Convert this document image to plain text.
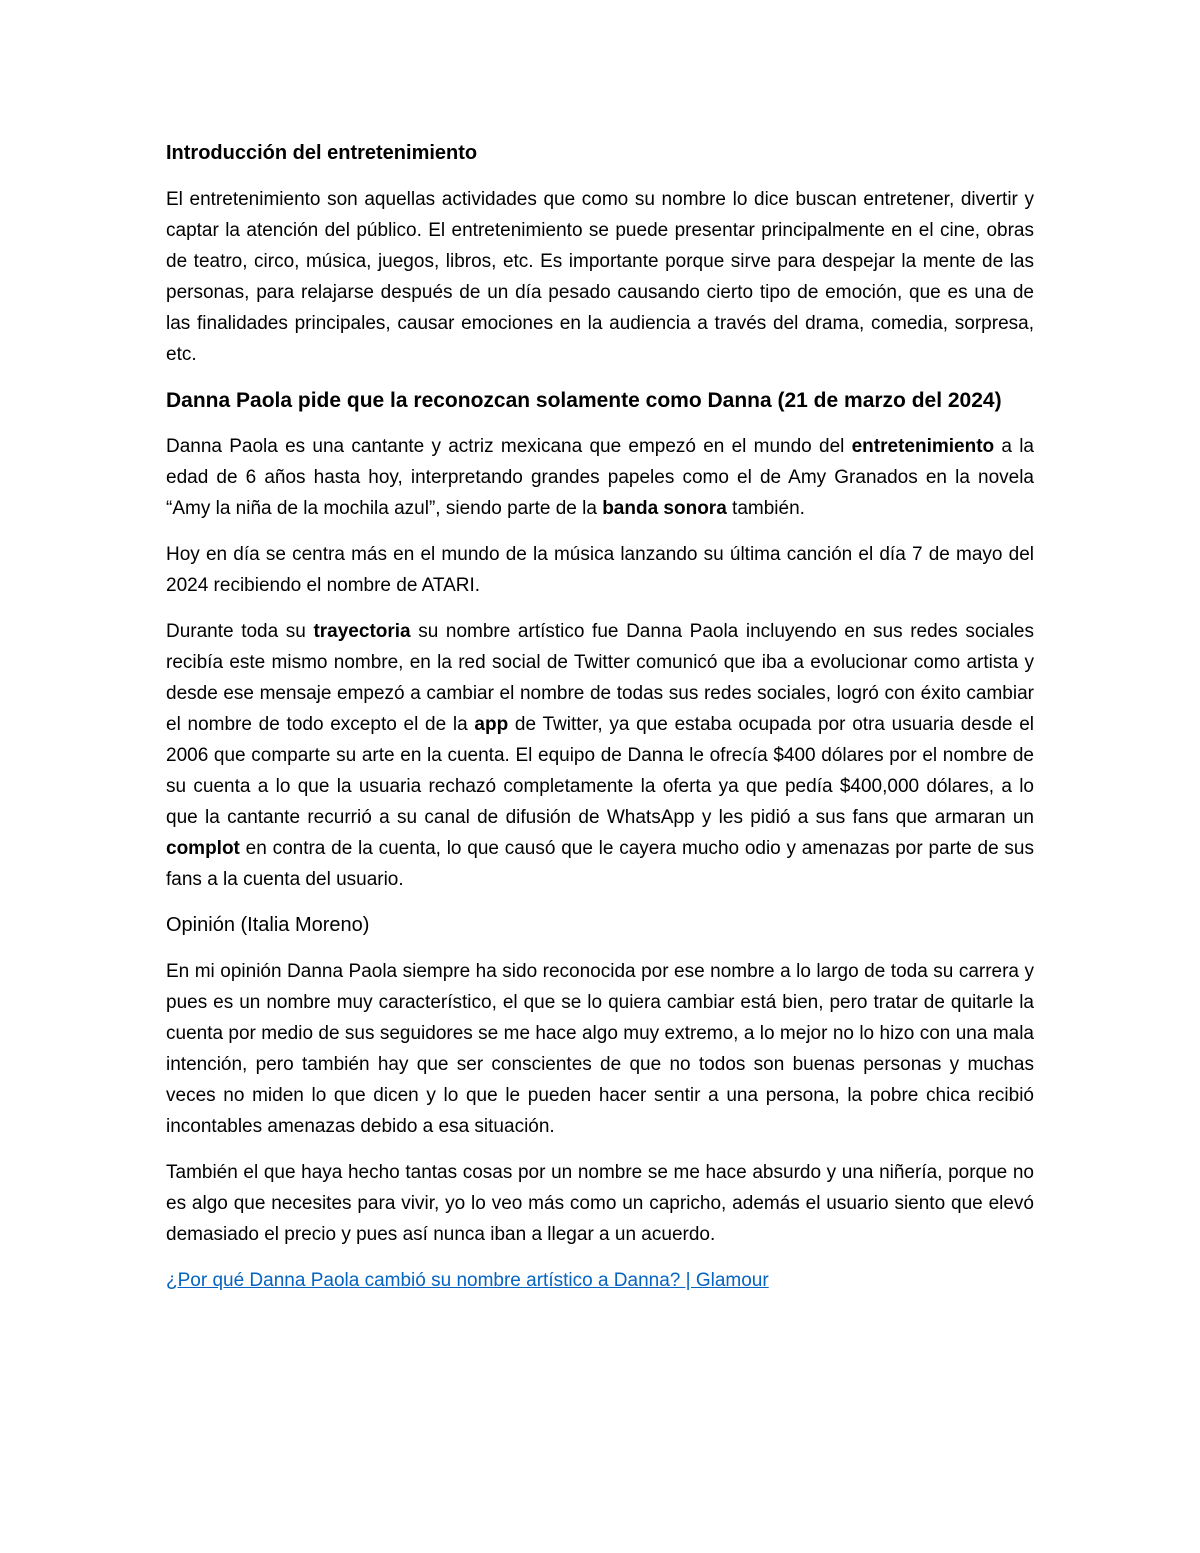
Introducción del entretenimiento

El entretenimiento son aquellas actividades que como su nombre lo dice buscan entretener, divertir y captar la atención del público. El entretenimiento se puede presentar principalmente en el cine, obras de teatro, circo, música, juegos, libros, etc. Es importante porque sirve para despejar la mente de las personas, para relajarse después de un día pesado causando cierto tipo de emoción, que es una de las finalidades principales, causar emociones en la audiencia a través del drama, comedia, sorpresa, etc.

Danna Paola pide que la reconozcan solamente como Danna (21 de marzo del 2024)

Danna Paola es una cantante y actriz mexicana que empezó en el mundo del entretenimiento a la edad de 6 años hasta hoy, interpretando grandes papeles como el de Amy Granados en la novela “Amy la niña de la mochila azul”, siendo parte de la banda sonora también.

Hoy en día se centra más en el mundo de la música lanzando su última canción el día 7 de mayo del 2024 recibiendo el nombre de ATARI.

Durante toda su trayectoria su nombre artístico fue Danna Paola incluyendo en sus redes sociales recibía este mismo nombre, en la red social de Twitter comunicó que iba a evolucionar como artista y desde ese mensaje empezó a cambiar el nombre de todas sus redes sociales, logró con éxito cambiar el nombre de todo excepto el de la app de Twitter, ya que estaba ocupada por otra usuaria desde el 2006 que comparte su arte en la cuenta. El equipo de Danna le ofrecía $400 dólares por el nombre de su cuenta a lo que la usuaria rechazó completamente la oferta ya que pedía $400,000 dólares, a lo que la cantante recurrió a su canal de difusión de WhatsApp y les pidió a sus fans que armaran un complot en contra de la cuenta, lo que causó que le cayera mucho odio y amenazas por parte de sus fans a la cuenta del usuario.

Opinión (Italia Moreno)

En mi opinión Danna Paola siempre ha sido reconocida por ese nombre a lo largo de toda su carrera y pues es un nombre muy característico, el que se lo quiera cambiar está bien, pero tratar de quitarle la cuenta por medio de sus seguidores se me hace algo muy extremo, a lo mejor no lo hizo con una mala intención, pero también hay que ser conscientes de que no todos son buenas personas y muchas veces no miden lo que dicen y lo que le pueden hacer sentir a una persona, la pobre chica recibió incontables amenazas debido a esa situación.

También el que haya hecho tantas cosas por un nombre se me hace absurdo y una niñería, porque no es algo que necesites para vivir, yo lo veo más como un capricho, además el usuario siento que elevó demasiado el precio y pues así nunca iban a llegar a un acuerdo.

¿Por qué Danna Paola cambió su nombre artístico a Danna? | Glamour
